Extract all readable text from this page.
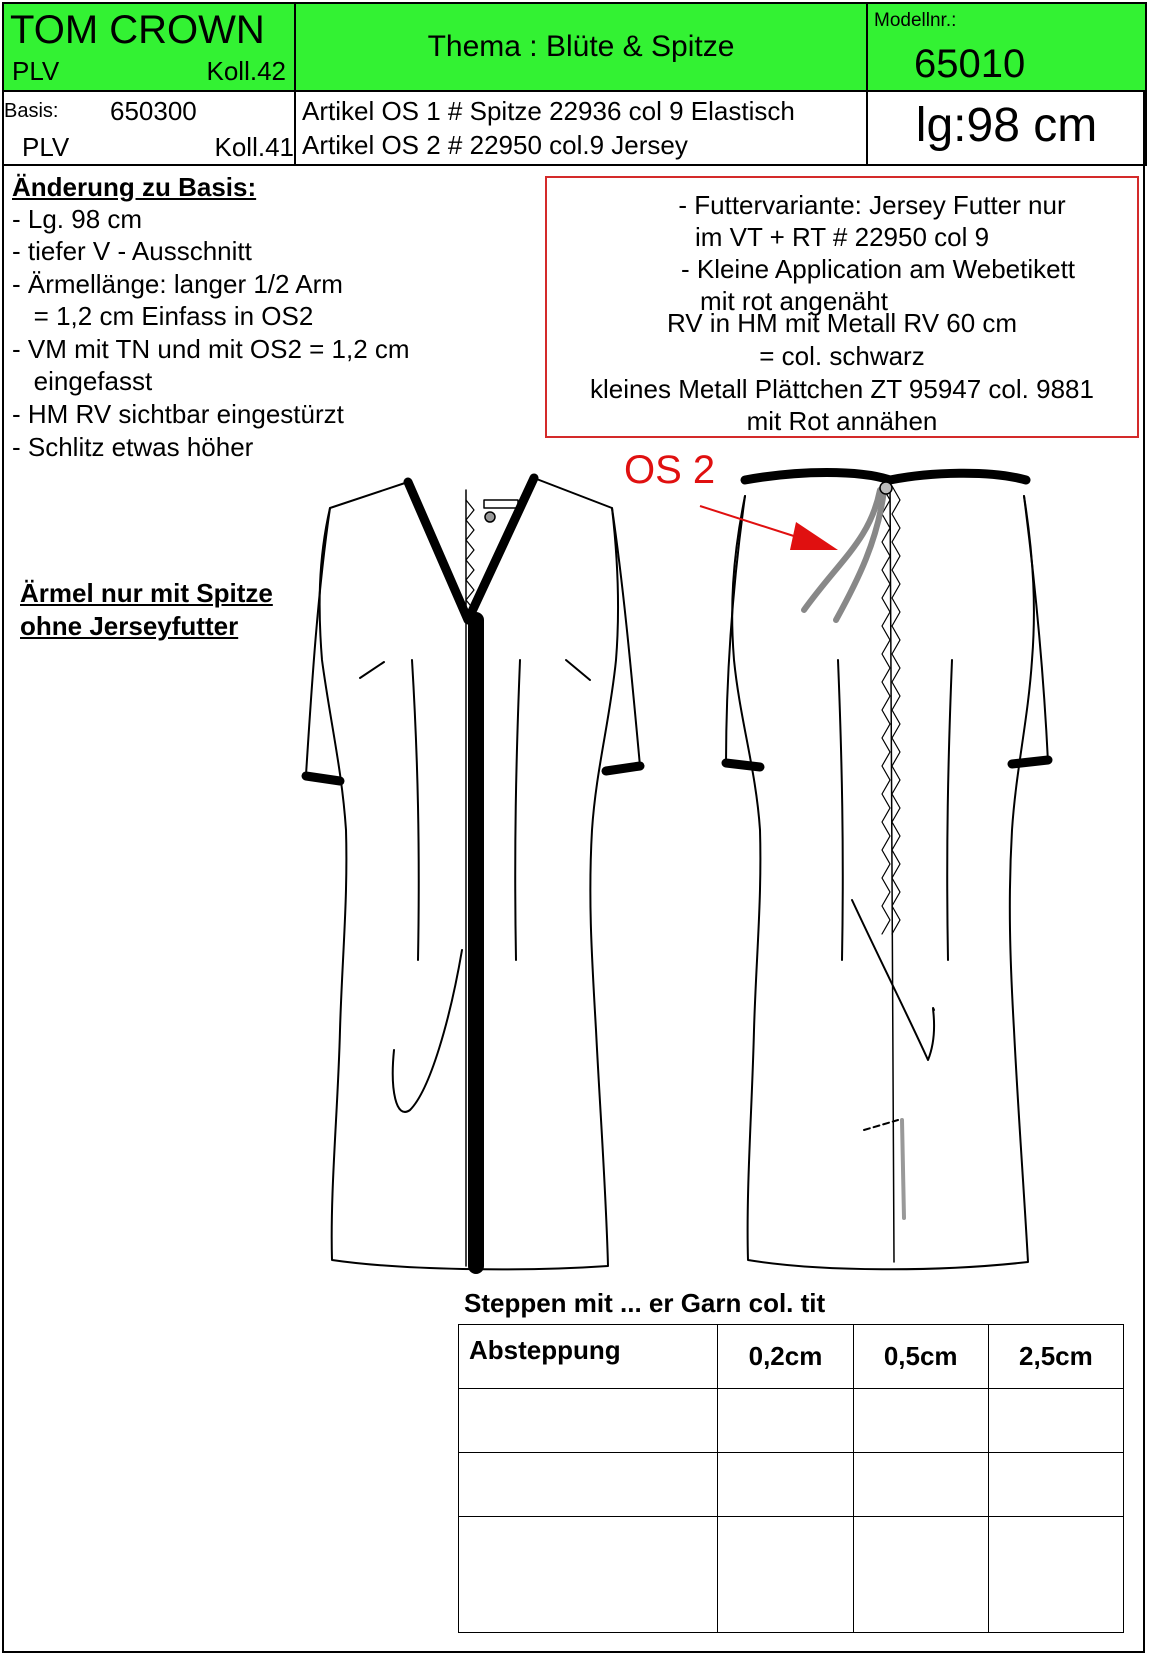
TOM CROWN
PLV	Koll.42
Thema : Blüte & Spitze
Modellnr.:
65010
Basis: 650300
PLV	Koll.41
Artikel OS 1 # Spitze 22936 col 9 Elastisch
Artikel OS 2 # 22950 col.9 Jersey	lg:98 cm
Änderung zu Basis:
- Lg. 98 cm
- tiefer V - Ausschnitt
- Ärmellänge: langer 1/2 Arm
= 1,2 cm Einfass in OS2
- VM mit TN und mit OS2 = 1,2 cm
eingefasst
- HM RV sichtbar eingestürzt
- Schlitz etwas höher
- Futtervariante: Jersey Futter nur
im VT + RT # 22950 col 9
- Kleine Application am Webetikett
mit rot angenäht
RV in HM mit Metall RV 60 cm
= col. schwarz
kleines Metall Plättchen ZT 95947 col. 9881
mit Rot annähen
Ärmel nur mit Spitze
ohne Jerseyfutter
OS 2
Steppen mit ... er Garn col. tit
Absteppung	0,2cm	0,5cm	2,5cm
